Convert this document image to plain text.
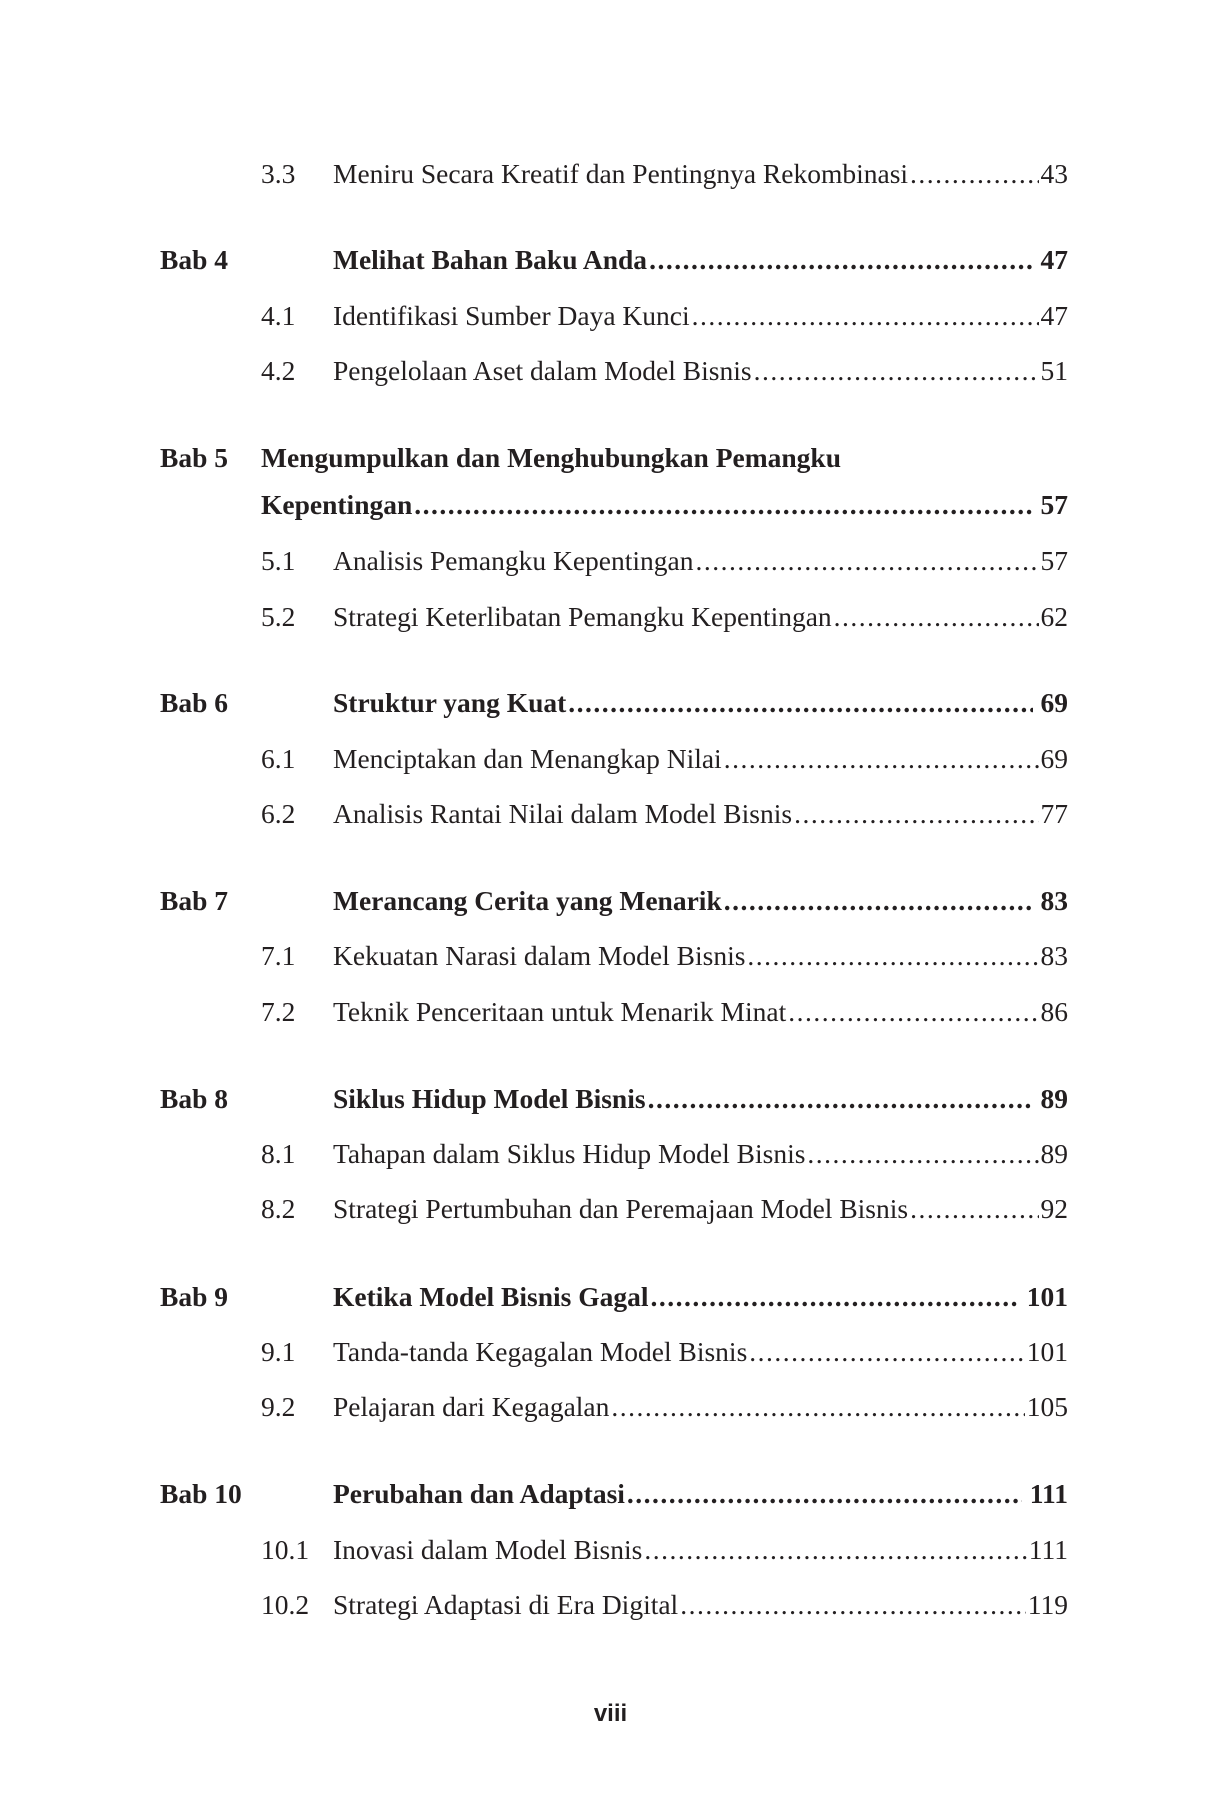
3.3 Meniru Secara Kreatif dan Pentingnya Rekombinasi .....	43
Bab 4	Melihat Bahan Baku Anda .....	47
4.1 Identifikasi Sumber Daya Kunci .....	47
4.2 Pengelolaan Aset dalam Model Bisnis .....	51
Bab 5 Mengumpulkan dan Menghubungkan Pemangku
Kepentingan .....	57
5.1 Analisis Pemangku Kepentingan .....	57
5.2 Strategi Keterlibatan Pemangku Kepentingan .....	62
Bab 6	Struktur yang Kuat .....	69
6.1 Menciptakan dan Menangkap Nilai .....	69
6.2 Analisis Rantai Nilai dalam Model Bisnis .....	77
Bab 7	Merancang Cerita yang Menarik .....	83
7.1 Kekuatan Narasi dalam Model Bisnis .....	83
7.2 Teknik Penceritaan untuk Menarik Minat .....	86
Bab 8	Siklus Hidup Model Bisnis .....	89
8.1 Tahapan dalam Siklus Hidup Model Bisnis .....	89
8.2 Strategi Pertumbuhan dan Peremajaan Model Bisnis .....	92
Bab 9	Ketika Model Bisnis Gagal .....	101
9.1 Tanda-tanda Kegagalan Model Bisnis .....	101
9.2 Pelajaran dari Kegagalan .....	105
Bab 10	Perubahan dan Adaptasi .....	111
10.1 Inovasi dalam Model Bisnis .....	111
10.2 Strategi Adaptasi di Era Digital .....	119
viii
